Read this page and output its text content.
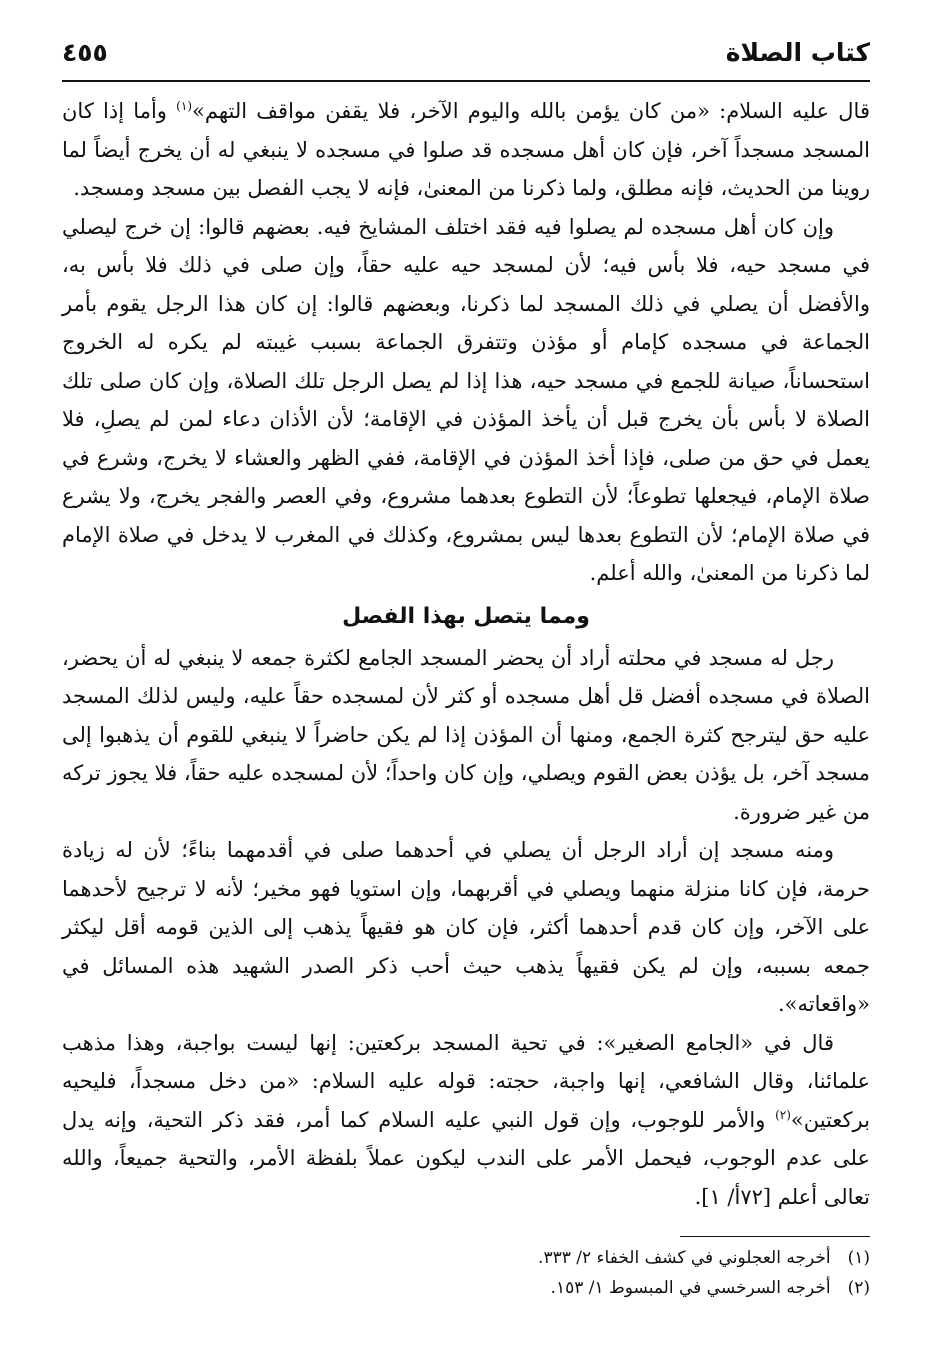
كتاب الصلاة
٤٥٥

قال عليه السلام: «من كان يؤمن بالله واليوم الآخر، فلا يقفن مواقف التهم»$^{(١)}$ وأما إذا كان المسجد مسجداً آخر، فإن كان أهل مسجده قد صلوا في مسجده لا ينبغي له أن يخرج أيضاً لما روينا من الحديث، فإنه مطلق، ولما ذكرنا من المعنىٰ، فإنه لا يجب الفصل بين مسجد ومسجد.

وإن كان أهل مسجده لم يصلوا فيه فقد اختلف المشايخ فيه. بعضهم قالوا: إن خرج ليصلي في مسجد حيه، فلا بأس فيه؛ لأن لمسجد حيه عليه حقاً، وإن صلى في ذلك فلا بأس به، والأفضل أن يصلي في ذلك المسجد لما ذكرنا، وبعضهم قالوا: إن كان هذا الرجل يقوم بأمر الجماعة في مسجده كإمام أو مؤذن وتتفرق الجماعة بسبب غيبته لم يكره له الخروج استحساناً، صيانة للجمع في مسجد حيه، هذا إذا لم يصل الرجل تلك الصلاة، وإن كان صلى تلك الصلاة لا بأس بأن يخرج قبل أن يأخذ المؤذن في الإقامة؛ لأن الأذان دعاء لمن لم يصلِ، فلا يعمل في حق من صلى، فإذا أخذ المؤذن في الإقامة، ففي الظهر والعشاء لا يخرج، وشرع في صلاة الإمام، فيجعلها تطوعاً؛ لأن التطوع بعدهما مشروع، وفي العصر والفجر يخرج، ولا يشرع في صلاة الإمام؛ لأن التطوع بعدها ليس بمشروع، وكذلك في المغرب لا يدخل في صلاة الإمام لما ذكرنا من المعنىٰ، والله أعلم.

ومما يتصل بهذا الفصل

رجل له مسجد في محلته أراد أن يحضر المسجد الجامع لكثرة جمعه لا ينبغي له أن يحضر، الصلاة في مسجده أفضل قل أهل مسجده أو كثر لأن لمسجده حقاً عليه، وليس لذلك المسجد عليه حق ليترجح كثرة الجمع، ومنها أن المؤذن إذا لم يكن حاضراً لا ينبغي للقوم أن يذهبوا إلى مسجد آخر، بل يؤذن بعض القوم ويصلي، وإن كان واحداً؛ لأن لمسجده عليه حقاً، فلا يجوز تركه من غير ضرورة.

ومنه مسجد إن أراد الرجل أن يصلي في أحدهما صلى في أقدمهما بناءً؛ لأن له زيادة حرمة، فإن كانا منزلة منهما ويصلي في أقربهما، وإن استويا فهو مخير؛ لأنه لا ترجيح لأحدهما على الآخر، وإن كان قدم أحدهما أكثر، فإن كان هو فقيهاً يذهب إلى الذين قومه أقل ليكثر جمعه بسببه، وإن لم يكن فقيهاً يذهب حيث أحب ذكر الصدر الشهيد هذه المسائل في «واقعاته».

قال في «الجامع الصغير»: في تحية المسجد بركعتين: إنها ليست بواجبة، وهذا مذهب علمائنا، وقال الشافعي، إنها واجبة، حجته: قوله عليه السلام: «من دخل مسجداً، فليحيه بركعتين»$^{(٢)}$ والأمر للوجوب، وإن قول النبي عليه السلام كما أمر، فقد ذكر التحية، وإنه يدل على عدم الوجوب، فيحمل الأمر على الندب ليكون عملاً بلفظة الأمر، والتحية جميعاً، والله تعالى أعلم [٧٢أ/ ١].

(١) أخرجه العجلوني في كشف الخفاء ٢/ ٣٣٣.
(٢) أخرجه السرخسي في المبسوط ١/ ١٥٣.
